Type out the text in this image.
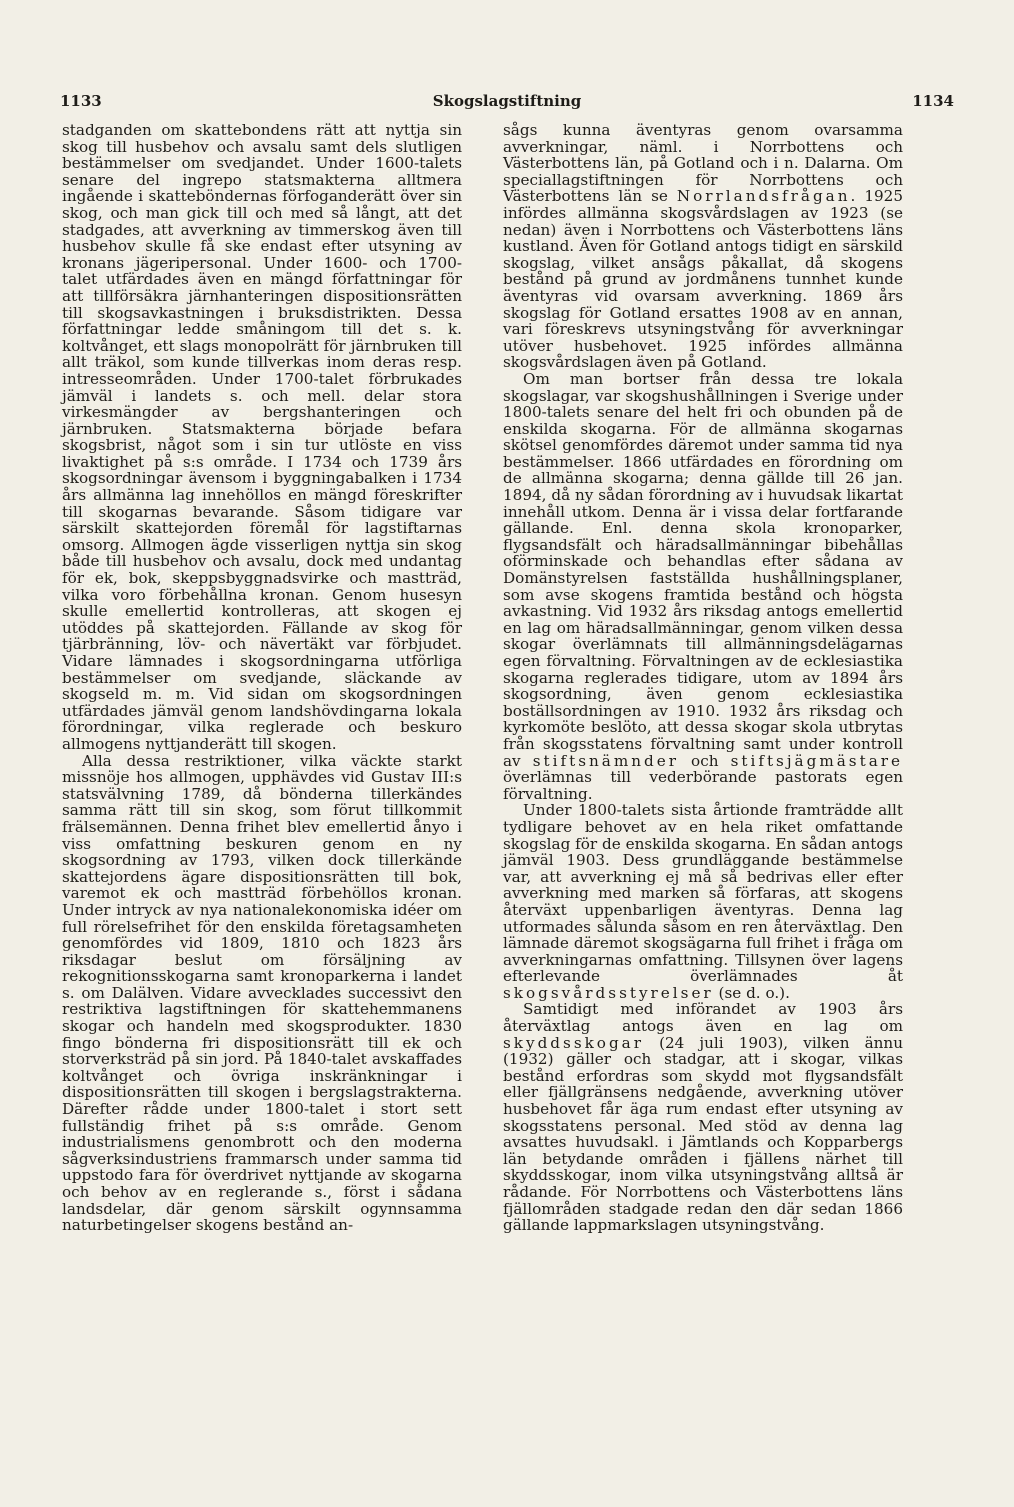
1133	Skogslagstiftning	1134

stadganden om skattebondens rätt att nyttja sin skog till husbehov och avsalu samt dels slutligen bestämmelser om svedjandet. Under 1600-talets senare del ingrepo statsmakterna alltmera ingående i skatteböndernas förfoganderätt över sin skog, och man gick till och med så långt, att det stadgades, att avverkning av timmerskog även till husbehov skulle få ske endast efter utsyning av kronans jägeripersonal. Under 1600- och 1700-talet utfärdades även en mängd författningar för att tillförsäkra järnhanteringen dispositionsrätten till skogsavkastningen i bruksdistrikten. Dessa författningar ledde småningom till det s. k. koltvånget, ett slags monopolrätt för järnbruken till allt träkol, som kunde tillverkas inom deras resp. intresseområden. Under 1700-talet förbrukades jämväl i landets s. och mell. delar stora virkesmängder av bergshanteringen och järnbruken. Statsmakterna började befara skogsbrist, något som i sin tur utlöste en viss livaktighet på s:s område. I 1734 och 1739 års skogsordningar ävensom i byggningabalken i 1734 års allmänna lag innehöllos en mängd föreskrifter till skogarnas bevarande. Såsom tidigare var särskilt skattejorden föremål för lagstiftarnas omsorg. Allmogen ägde visserligen nyttja sin skog både till husbehov och avsalu, dock med undantag för ek, bok, skeppsbyggnadsvirke och mastträd, vilka voro förbehållna kronan. Genom husesyn skulle emellertid kontrolleras, att skogen ej utöddes på skattejorden. Fällande av skog för tjärbränning, löv- och nävertäkt var förbjudet. Vidare lämnades i skogsordningarna utförliga bestämmelser om svedjande, släckande av skogseld m. m. Vid sidan om skogsordningen utfärdades jämväl genom landshövdingarna lokala förordningar, vilka reglerade och beskuro allmogens nyttjanderätt till skogen.

Alla dessa restriktioner, vilka väckte starkt missnöje hos allmogen, upphävdes vid Gustav III:s statsvälvning 1789, då bönderna tillerkändes samma rätt till sin skog, som förut tillkommit frälsemännen. Denna frihet blev emellertid ånyo i viss omfattning beskuren genom en ny skogsordning av 1793, vilken dock tillerkände skattejordens ägare dispositionsrätten till bok, varemot ek och mastträd förbehöllos kronan. Under intryck av nya nationalekonomiska idéer om full rörelsefrihet för den enskilda företagsamheten genomfördes vid 1809, 1810 och 1823 års riksdagar beslut om försäljning av rekognitionsskogarna samt kronoparkerna i landet s. om Dalälven. Vidare avvecklades successivt den restriktiva lagstiftningen för skattehemmanens skogar och handeln med skogsprodukter. 1830 fingo bönderna fri dispositionsrätt till ek och storverksträd på sin jord. På 1840-talet avskaffades koltvånget och övriga inskränkningar i dispositionsrätten till skogen i bergslagstrakterna. Därefter rådde under 1800-talet i stort sett fullständig frihet på s:s område. Genom industrialismens genombrott och den moderna sågverksindustriens frammarsch under samma tid uppstodo fara för överdrivet nyttjande av skogarna och behov av en reglerande s., först i sådana landsdelar, där genom särskilt ogynnsamma naturbetingelser skogens bestånd an-

sågs kunna äventyras genom ovarsamma avverkningar, näml. i Norrbottens och Västerbottens län, på Gotland och i n. Dalarna. Om speciallagstiftningen för Norrbottens och Västerbottens län se Norrlandsfrågan. 1925 infördes allmänna skogsvårdslagen av 1923 (se nedan) även i Norrbottens och Västerbottens läns kustland. Även för Gotland antogs tidigt en särskild skogslag, vilket ansågs påkallat, då skogens bestånd på grund av jordmånens tunnhet kunde äventyras vid ovarsam avverkning. 1869 års skogslag för Gotland ersattes 1908 av en annan, vari föreskrevs utsyningstvång för avverkningar utöver husbehovet. 1925 infördes allmänna skogsvårdslagen även på Gotland.

Om man bortser från dessa tre lokala skogslagar, var skogshushållningen i Sverige under 1800-talets senare del helt fri och obunden på de enskilda skogarna. För de allmänna skogarnas skötsel genomfördes däremot under samma tid nya bestämmelser. 1866 utfärdades en förordning om de allmänna skogarna; denna gällde till 26 jan. 1894, då ny sådan förordning av i huvudsak likartat innehåll utkom. Denna är i vissa delar fortfarande gällande. Enl. denna skola kronoparker, flygsandsfält och häradsallmänningar bibehållas oförminskade och behandlas efter sådana av Domänstyrelsen fastställda hushållningsplaner, som avse skogens framtida bestånd och högsta avkastning. Vid 1932 års riksdag antogs emellertid en lag om häradsallmänningar, genom vilken dessa skogar överlämnats till allmänningsdelägarnas egen förvaltning. Förvaltningen av de ecklesiastika skogarna reglerades tidigare, utom av 1894 års skogsordning, även genom ecklesiastika boställsordningen av 1910. 1932 års riksdag och kyrkomöte beslöto, att dessa skogar skola utbrytas från skogsstatens förvaltning samt under kontroll av stiftsnämnder och stiftsjägmästare överlämnas till vederbörande pastorats egen förvaltning.

Under 1800-talets sista årtionde framträdde allt tydligare behovet av en hela riket omfattande skogslag för de enskilda skogarna. En sådan antogs jämväl 1903. Dess grundläggande bestämmelse var, att avverkning ej må så bedrivas eller efter avverkning med marken så förfaras, att skogens återväxt uppenbarligen äventyras. Denna lag utformades sålunda såsom en ren återväxtlag. Den lämnade däremot skogsägarna full frihet i fråga om avverkningarnas omfattning. Tillsynen över lagens efterlevande överlämnades åt skogsvårdsstyrelser (se d. o.).

Samtidigt med införandet av 1903 års återväxtlag antogs även en lag om skyddsskogar (24 juli 1903), vilken ännu (1932) gäller och stadgar, att i skogar, vilkas bestånd erfordras som skydd mot flygsandsfält eller fjällgränsens nedgående, avverkning utöver husbehovet får äga rum endast efter utsyning av skogsstatens personal. Med stöd av denna lag avsattes huvudsakl. i Jämtlands och Kopparbergs län betydande områden i fjällens närhet till skyddsskogar, inom vilka utsyningstvång alltså är rådande. För Norrbottens och Västerbottens läns fjällområden stadgade redan den där sedan 1866 gällande lappmarkslagen utsyningstvång.
